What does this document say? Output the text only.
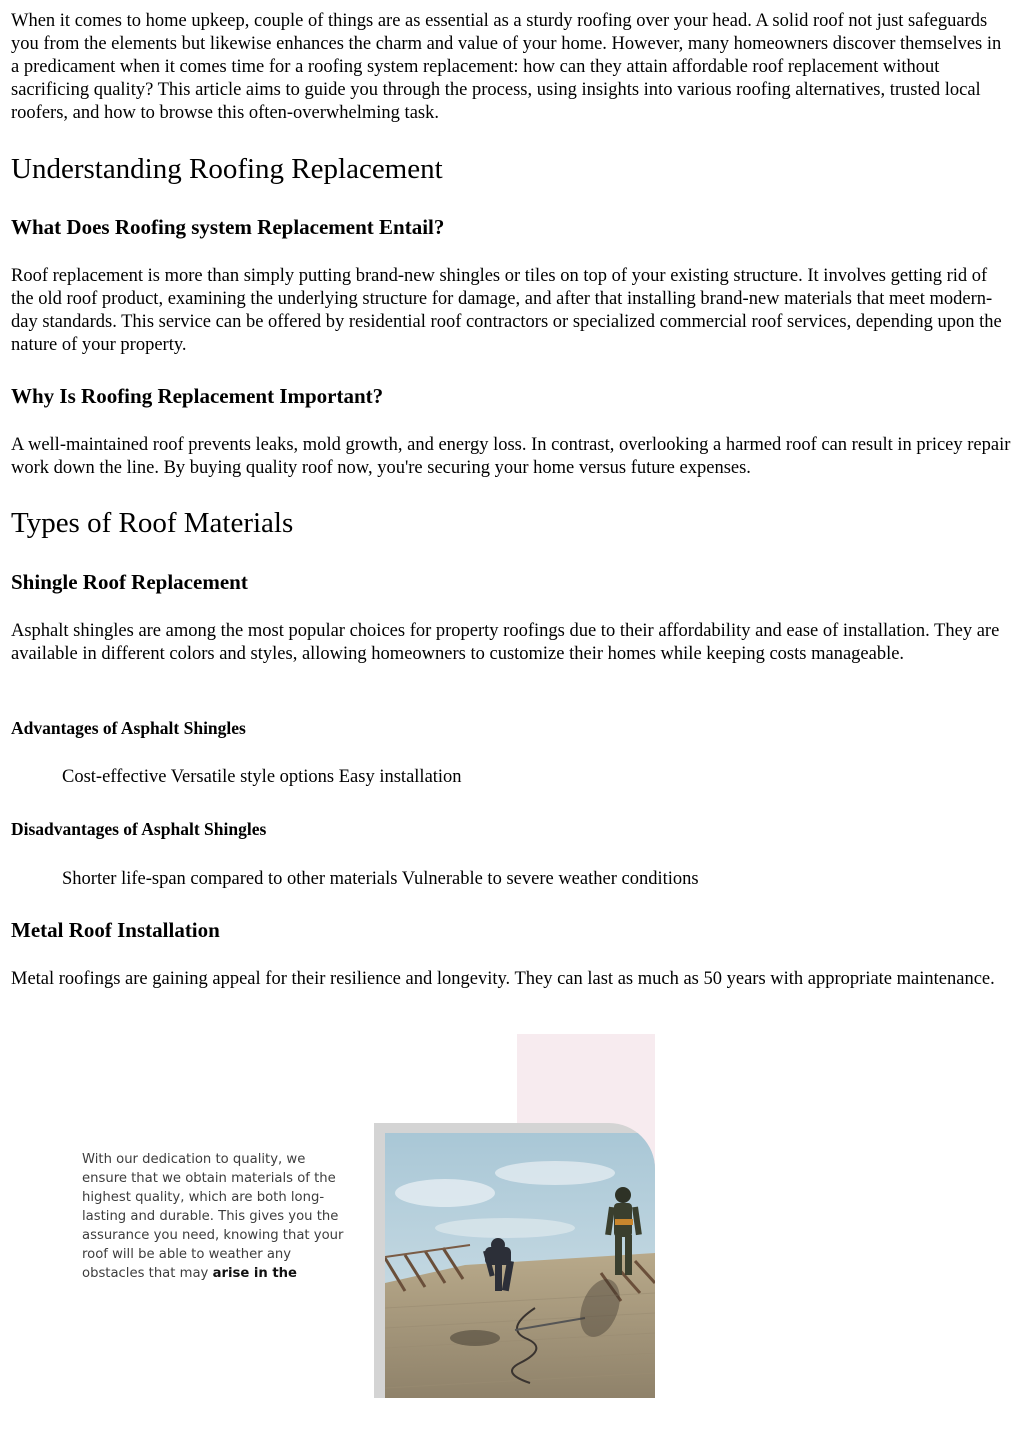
When it comes to home upkeep, couple of things are as essential as a sturdy roofing over your head. A solid roof not just safeguards you from the elements but likewise enhances the charm and value of your home. However, many homeowners discover themselves in a predicament when it comes time for a roofing system replacement: how can they attain affordable roof replacement without sacrificing quality? This article aims to guide you through the process, using insights into various roofing alternatives, trusted local roofers, and how to browse this often-overwhelming task.

Understanding Roofing Replacement
What Does Roofing system Replacement Entail?

Roof replacement is more than simply putting brand-new shingles or tiles on top of your existing structure. It involves getting rid of the old roof product, examining the underlying structure for damage, and after that installing brand-new materials that meet modern-day standards. This service can be offered by residential roof contractors or specialized commercial roof services, depending upon the nature of your property.

Why Is Roofing Replacement Important?

A well-maintained roof prevents leaks, mold growth, and energy loss. In contrast, overlooking a harmed roof can result in pricey repair work down the line. By buying quality roof now, you're securing your home versus future expenses.

Types of Roof Materials
Shingle Roof Replacement

Asphalt shingles are among the most popular choices for property roofings due to their affordability and ease of installation. They are available in different colors and styles, allowing homeowners to customize their homes while keeping costs manageable.

Advantages of Asphalt Shingles

Cost-effective Versatile style options Easy installation

Disadvantages of Asphalt Shingles

Shorter life-span compared to other materials Vulnerable to severe weather conditions

Metal Roof Installation

Metal roofings are gaining appeal for their resilience and longevity. They can last as much as 50 years with appropriate maintenance.

With our dedication to quality, we ensure that we obtain materials of the highest quality, which are both long-lasting and durable. This gives you the assurance you need, knowing that your roof will be able to weather any obstacles that may arise in the
